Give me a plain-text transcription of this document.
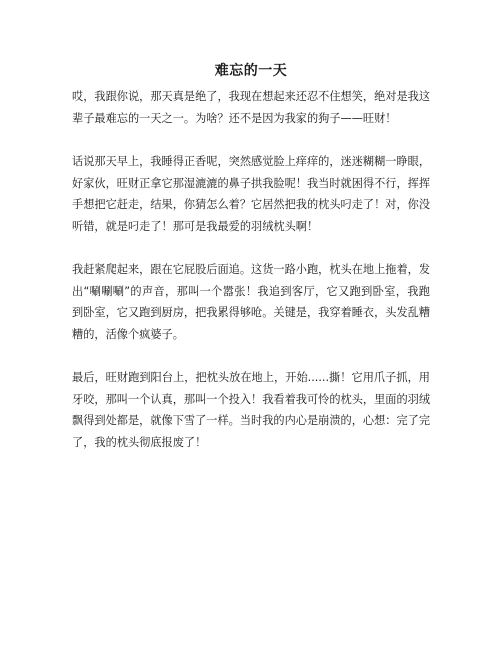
难忘的一天

哎，我跟你说，那天真是绝了，我现在想起来还忍不住想笑，绝对是我这辈子最难忘的一天之一。为啥？还不是因为我家的狗子——旺财！

话说那天早上，我睡得正香呢，突然感觉脸上痒痒的，迷迷糊糊一睁眼，好家伙，旺财正拿它那湿漉漉的鼻子拱我脸呢！我当时就困得不行，挥挥手想把它赶走，结果，你猜怎么着？它居然把我的枕头叼走了！对，你没听错，就是叼走了！那可是我最爱的羽绒枕头啊！

我赶紧爬起来，跟在它屁股后面追。这货一路小跑，枕头在地上拖着，发出“唰唰唰”的声音，那叫一个嚣张！我追到客厅，它又跑到卧室，我跑到卧室，它又跑到厨房，把我累得够呛。关键是，我穿着睡衣，头发乱糟糟的，活像个疯婆子。

最后，旺财跑到阳台上，把枕头放在地上，开始......撕！它用爪子抓，用牙咬，那叫一个认真，那叫一个投入！我看着我可怜的枕头，里面的羽绒飘得到处都是，就像下雪了一样。当时我的内心是崩溃的，心想：完了完了，我的枕头彻底报废了！
